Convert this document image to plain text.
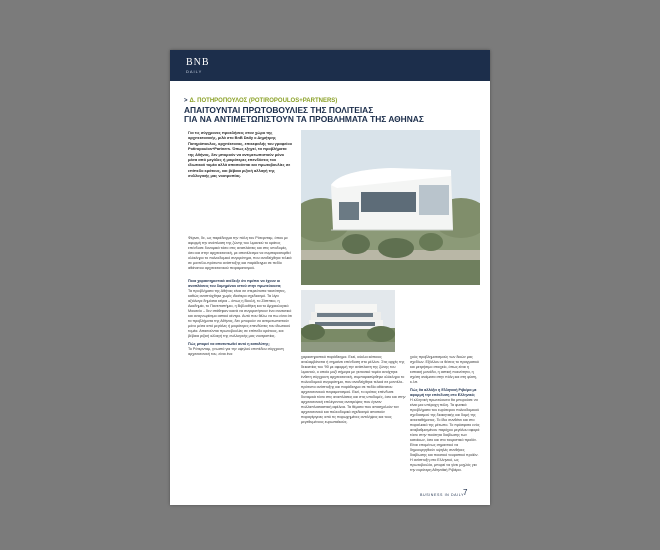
BNB
DAILY
> Δ. ΠΟΤΗΡΟΠΟΥΛΟΣ (POTIROPOULOS+PARTNERS)
ΑΠΑΙΤΟΥΝΤΑΙ ΠΡΩΤΟΒΟΥΛΙΕΣ ΤΗΣ ΠΟΛΙΤΕΙΑΣ
ΓΙΑ ΝΑ ΑΝΤΙΜΕΤΩΠΙΣΤΟΥΝ ΤΑ ΠΡΟΒΛΗΜΑΤΑ ΤΗΣ ΑΘΗΝΑΣ
Για τις σύγχρονες προκλήσεις στον χώρο της αρχιτεκτονικής, μιλά στο BnB Daily ο Δημήτρης Ποτηρόπουλος, αρχιτέκτονας, επικεφαλής του γραφείου Potiropoulos+Partners. Όπως εξηγεί, τα προβλήματα της Αθήνας, δεν μπορούν να αντιμετωπιστούν μόνο μέσα από μεγάλες ή μικρότερες επενδύσεις του ιδιωτικού τομέα αλλά απαιτούνται και πρωτοβουλίες σε επίπεδο κράτους, και βέβαια ριζική αλλαγή της συλλογικής μας νοοτροπίας.

Φέρνει, δε, ως παράδειγμα την πόλη του Ρότερνταμ, όπου με αφορμή την ανάπλαση της ζώνης του λιμανιού το κράτος επένδυσε δυναμικά τόσο στις αναπλάσεις και στις υποδομές, όσο και στην αρχιτεκτονική, με αποτέλεσμα να συμπαρασυρθεί ολόκληρο το πολεοδομικό συγκρότημα, που αναδείχθηκε τελικά σε μοντέλο-πρότυπο ανάπτυξης και παράδειγμα σε πεδίο αθάνατου αρχιτεκτονικού πειραματισμού.

Ποια χαρακτηριστικά ανέδειξε ότι πρέπει να έχουν οι αναπλάσεις του δομημένου ιστού στην πρωτεύουσα;
Τα προβλήματα της Αθήνας είναι σε στερεότυπα ταυτότητες, καθώς αναπτύχθηκε χωρίς ιδιαίτερο σχεδιασμό. Τα λίγα αξιόλογα δημόσια κτίρια – όπως η Βουλή, το Ζάππειο, η Ακαδημία, το Πανεπιστήμιο, η Βιβλιοθήκη και το Αρχαιολογικό Μουσείο – δεν στάθηκαν ικανά να συγκροτήσουν ένα συνεκτικό και αναγνωρίσιμο αστικό κέντρο. Αυτό που θέλω να πω είναι ότι τα προβλήματα της Αθήνας, δεν μπορούν να αντιμετωπιστούν μόνο μέσα από μεγάλες ή μικρότερες επενδύσεις του ιδιωτικού τομέα. Απαιτούνται πρωτοβουλίες σε επίπεδο κράτους, και βέβαια ριζική αλλαγή της συλλογικής μας νοοτροπίας.

Πώς μπορεί να αποτυπωθεί αυτό η καταλύτης;
Το Ρότερνταμ, γνωστό για την υψηλού επιπέδου σύγχρονη αρχιτεκτονική του, είναι ένα

χαρακτηριστικό παράδειγμα. Εκεί, κύκλοι κάποιος αναλαμβάνεται ή σημαίνει επένδυση στο μέλλον. Στις αρχές της δεκαετίας του '90 με αφορμή την ανάπλαση της ζώνης του λιμανιού, ο οποίο μαζί σήμερα με γειτονικό τομέα ανοίχτηκε ένθετη σύγχρονη αρχιτεκτονική, συμπαρασύρθηκε ολόκληρο το πολεοδομικό συγκρότημα, που αναδείχθηκε τελικά σε μοντέλο-πρότυπο ανάπτυξης και παράδειγμα σε πεδίο αθάνατου αρχιτεκτονικού πειραματισμού. Εκεί, το κράτος επένδυσε δυναμικά τόσο στις αναπλάσεις και στις υποδομές, όσο και στην αρχιτεκτονική επιλέγοντας ανατρέψεις που έγιναν πολλαπλασιαστική αφέλεια. Τα θέματα που απασχολούν τον αρχιτεκτονικό και πολεοδομικό σχεδιασμό απαιτούν παραγέργειες από τις παρωχημένες αντιλήψεις και τους μεγεθυμένους ευρωπαϊκούς.

χούς προβληματισμούς των δικών μας σχεδίων. Εξάλλου οι θέσεις το πραγματικό και μετρήσιμο στοιχείο, όπως είναι η εστιακή μονάδα, η αστική πυκνότητα, η σχέση ανάμεσα στην πόλη και στη φύση, κ.λπ.

Πώς θα αλλάξει η Ελληνική Ριβιέρα με αφορμή την επένδυση στο Ελληνικό;
Η ελληνική πρωτεύουσα θα μπορούσε να είναι μια υπέροχη πόλη. Τα φυσικά προβλήματα του ευρύτερου πολεοδομικού σχεδιασμού της διοικητικής και δομή της ανεκταθήματος. Το ίδιο συνθέτει και στο παραλιακό της μέτωπο. Το πρόσφατο ενός αναβαθμισμένου παρόχου μεγάλου αφορά τόσο στην ποιότητα διαβίωσης των κατοίκων, όσο και στο τουριστικό προϊόν. Είναι επομένως σημαντικό να δημιουργηθούν υψηλές συνθήκες διαβίωσης και ποιοτικό τουριστικό προϊόν. Η ανάπτυξη στο Ελληνικό, ως πρωτοβουλία, μπορεί να γίνει μοχλός για την ευρύτερη Αθηναϊκή Ριβιέρα.

BUSINESS IN DAILY
7
